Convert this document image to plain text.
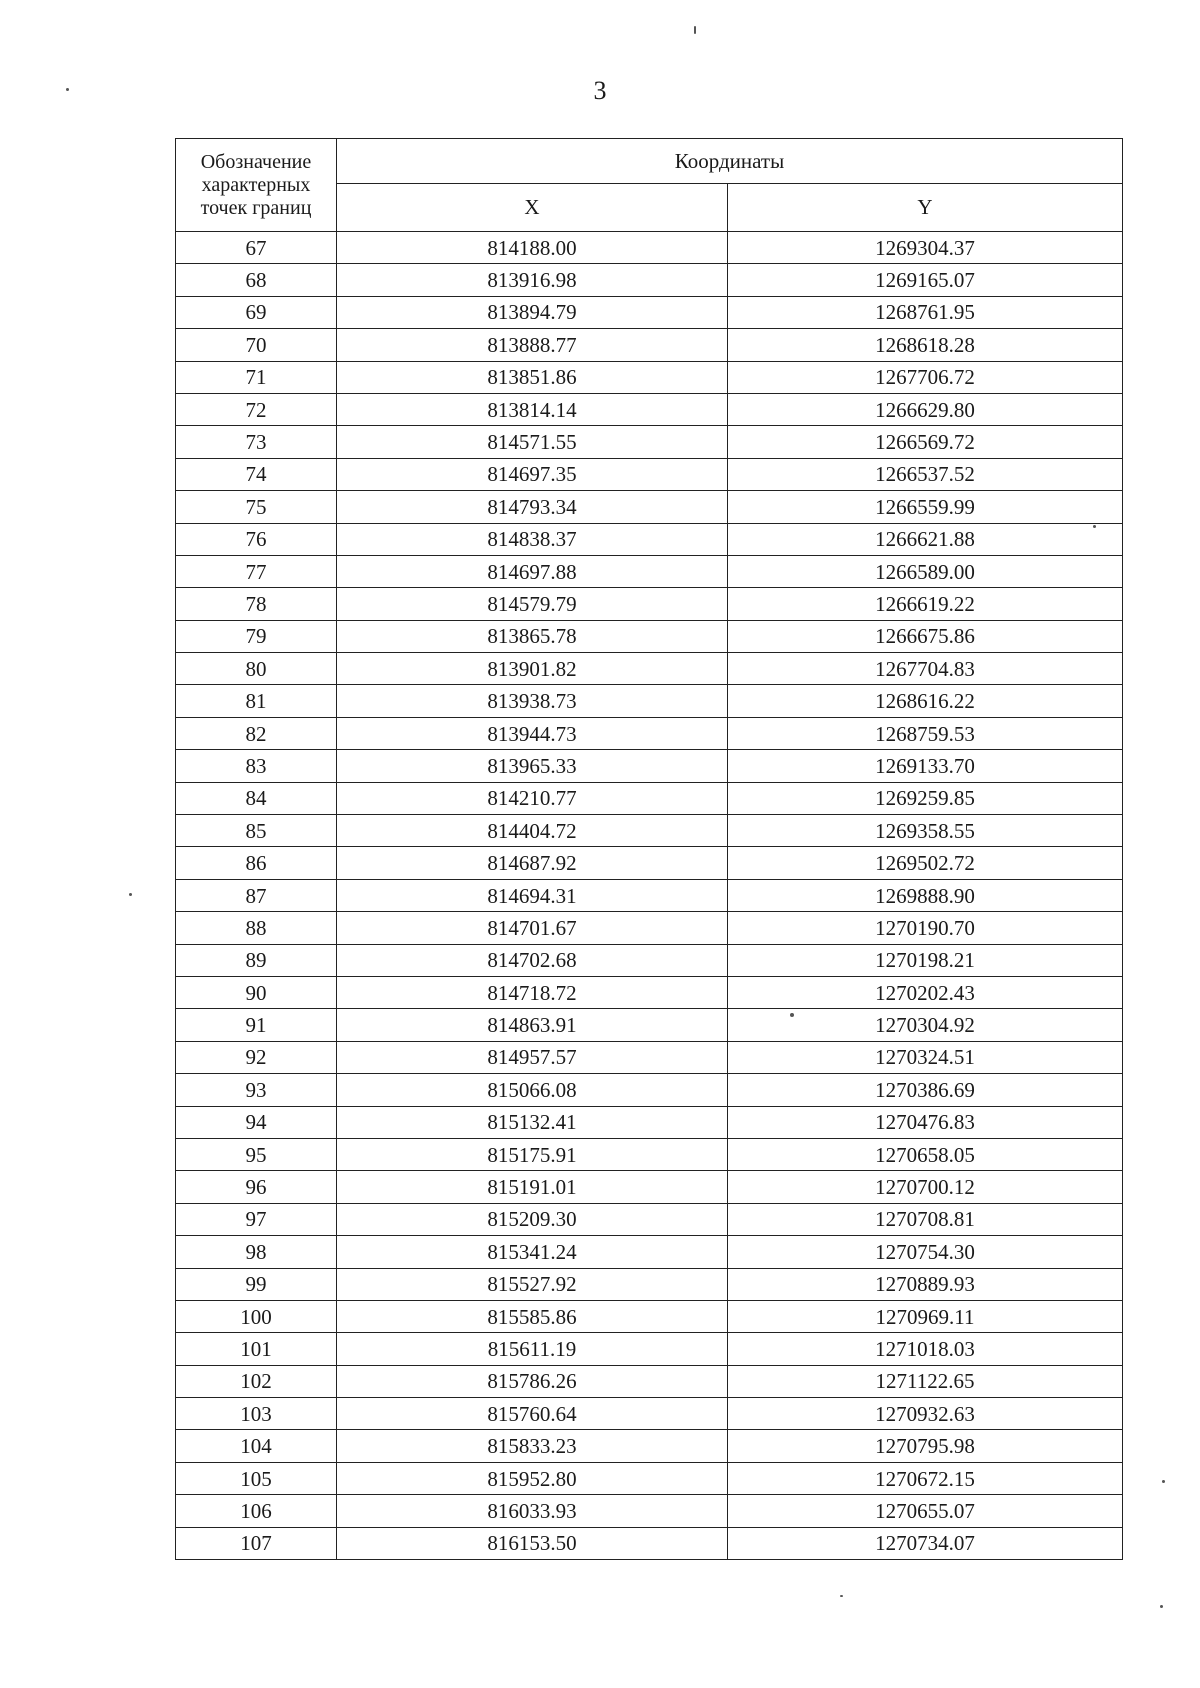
3
Обозначение характерных точек границ	Координаты	
	X	Y
67	814188.00	1269304.37
68	813916.98	1269165.07
69	813894.79	1268761.95
70	813888.77	1268618.28
71	813851.86	1267706.72
72	813814.14	1266629.80
73	814571.55	1266569.72
74	814697.35	1266537.52
75	814793.34	1266559.99
76	814838.37	1266621.88
77	814697.88	1266589.00
78	814579.79	1266619.22
79	813865.78	1266675.86
80	813901.82	1267704.83
81	813938.73	1268616.22
82	813944.73	1268759.53
83	813965.33	1269133.70
84	814210.77	1269259.85
85	814404.72	1269358.55
86	814687.92	1269502.72
87	814694.31	1269888.90
88	814701.67	1270190.70
89	814702.68	1270198.21
90	814718.72	1270202.43
91	814863.91	1270304.92
92	814957.57	1270324.51
93	815066.08	1270386.69
94	815132.41	1270476.83
95	815175.91	1270658.05
96	815191.01	1270700.12
97	815209.30	1270708.81
98	815341.24	1270754.30
99	815527.92	1270889.93
100	815585.86	1270969.11
101	815611.19	1271018.03
102	815786.26	1271122.65
103	815760.64	1270932.63
104	815833.23	1270795.98
105	815952.80	1270672.15
106	816033.93	1270655.07
107	816153.50	1270734.07
